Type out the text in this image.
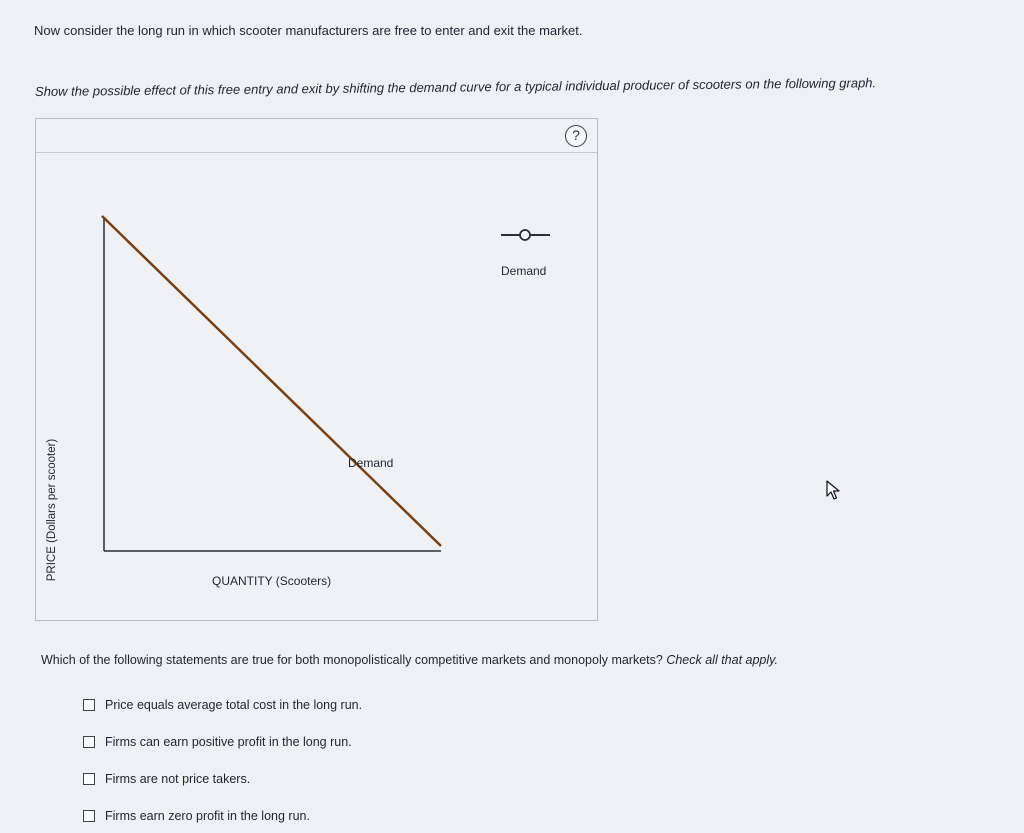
Now consider the long run in which scooter manufacturers are free to enter and exit the market.
Show the possible effect of this free entry and exit by shifting the demand curve for a typical individual producer of scooters on the following graph.
?
Demand
QUANTITY (Scooters)
Demand
PRICE (Dollars per scooter)
Which of the following statements are true for both monopolistically competitive markets and monopoly markets? Check all that apply.
Price equals average total cost in the long run.
Firms can earn positive profit in the long run.
Firms are not price takers.
Firms earn zero profit in the long run.
